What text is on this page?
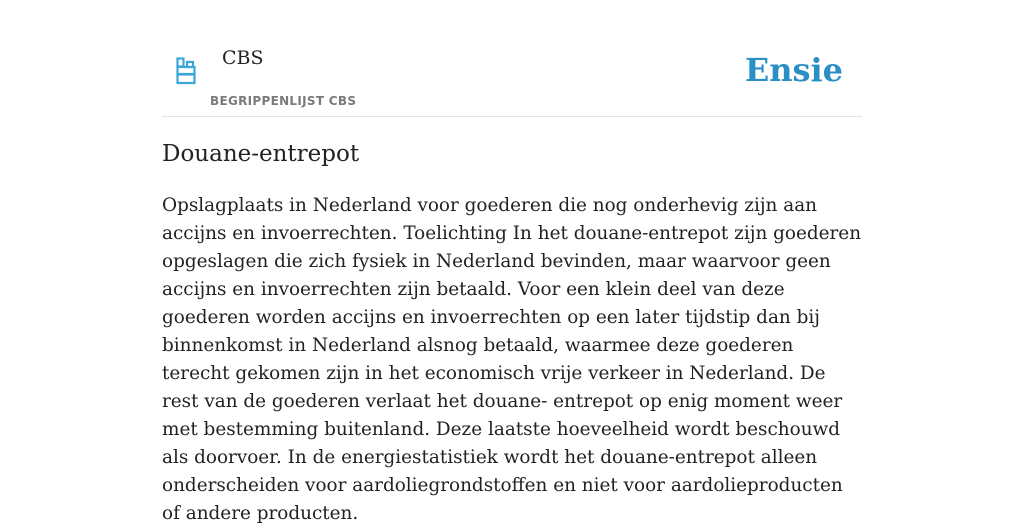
CBS
BEGRIPPENLIJST CBS
Ensie
Douane-entrepot

Opslagplaats in Nederland voor goederen die nog onderhevig zijn aan accijns en invoerrechten. Toelichting In het douane-entrepot zijn goederen opgeslagen die zich fysiek in Nederland bevinden, maar waarvoor geen accijns en invoerrechten zijn betaald. Voor een klein deel van deze goederen worden accijns en invoerrechten op een later tijdstip dan bij binnenkomst in Nederland alsnog betaald, waarmee deze goederen terecht gekomen zijn in het economisch vrije verkeer in Nederland. De rest van de goederen verlaat het douane- entrepot op enig moment weer met bestemming buitenland. Deze laatste hoeveelheid wordt beschouwd als doorvoer. In de energiestatistiek wordt het douane-entrepot alleen onderscheiden voor aardoliegrondstoffen en niet voor aardolieproducten of andere producten.
